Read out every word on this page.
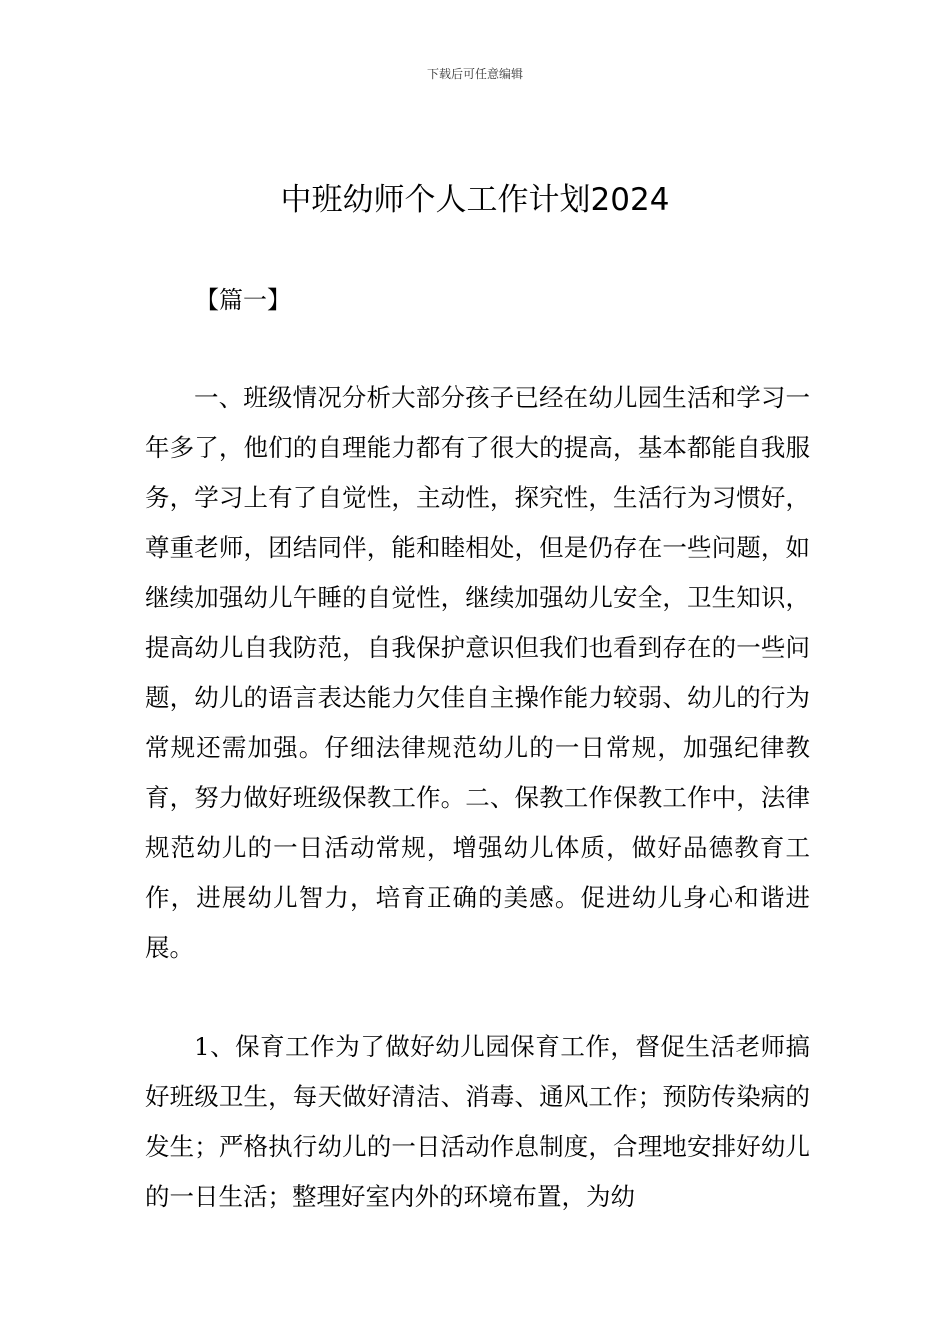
下载后可任意编辑
中班幼师个人工作计划2024
【篇一】

一、班级情况分析大部分孩子已经在幼儿园生活和学习一年多了，他们的自理能力都有了很大的提高，基本都能自我服务，学习上有了自觉性，主动性，探究性，生活行为习惯好，尊重老师，团结同伴，能和睦相处，但是仍存在一些问题，如继续加强幼儿午睡的自觉性，继续加强幼儿安全，卫生知识，提高幼儿自我防范，自我保护意识但我们也看到存在的一些问题，幼儿的语言表达能力欠佳自主操作能力较弱、幼儿的行为常规还需加强。仔细法律规范幼儿的一日常规，加强纪律教育，努力做好班级保教工作。二、保教工作保教工作中，法律规范幼儿的一日活动常规，增强幼儿体质，做好品德教育工作，进展幼儿智力，培育正确的美感。促进幼儿身心和谐进展。

1、保育工作为了做好幼儿园保育工作，督促生活老师搞好班级卫生，每天做好清洁、消毒、通风工作；预防传染病的发生；严格执行幼儿的一日活动作息制度，合理地安排好幼儿的一日生活；整理好室内外的环境布置，为幼
